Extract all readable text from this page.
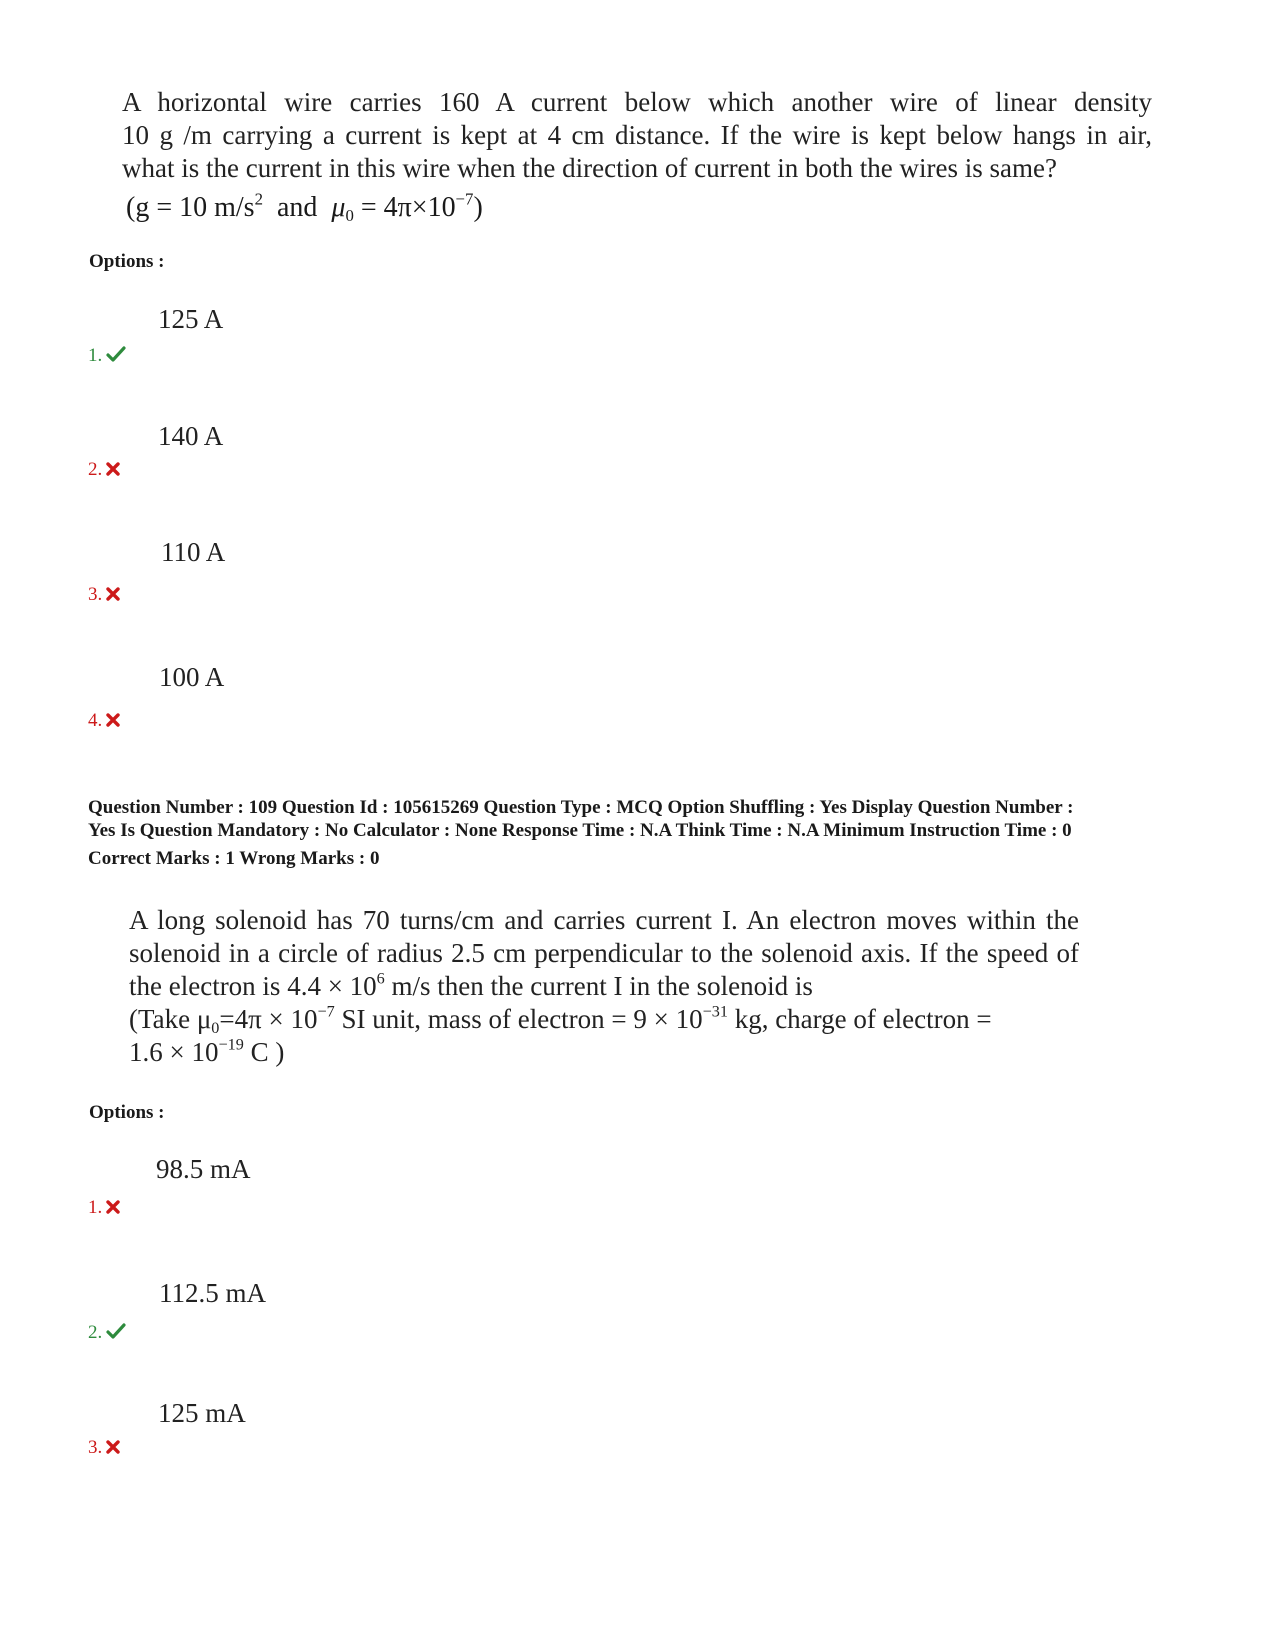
A horizontal wire carries 160 A current below which another wire of linear density
10 g /m carrying a current is kept at 4 cm distance. If the wire is kept below hangs in air,
what is the current in this wire when the direction of current in both the wires is same?
(g = 10 $m/s^2$ and $\mu_0 = 4\pi\times 10^{-7}$)
Options :
125 A
1.
140 A
2.
110 A
3.
100 A
4.
Question Number : 109 Question Id : 105615269 Question Type : MCQ Option Shuffling : Yes Display Question Number :
Yes Is Question Mandatory : No Calculator : None Response Time : N.A Think Time : N.A Minimum Instruction Time : 0
Correct Marks : 1 Wrong Marks : 0
A long solenoid has 70 turns/cm and carries current I. An electron moves within the
solenoid in a circle of radius 2.5 cm perpendicular to the solenoid axis. If the speed of
the electron is $4.4 \times 10^6$ m/s then the current I in the solenoid is
(Take $\mu_0=4\pi \times 10^{-7}$ SI unit, mass of electron = $9 \times 10^{-31}$ kg, charge of electron =
$1.6 \times 10^{-19}$ C )
Options :
98.5 mA
1.
112.5 mA
2.
125 mA
3.
